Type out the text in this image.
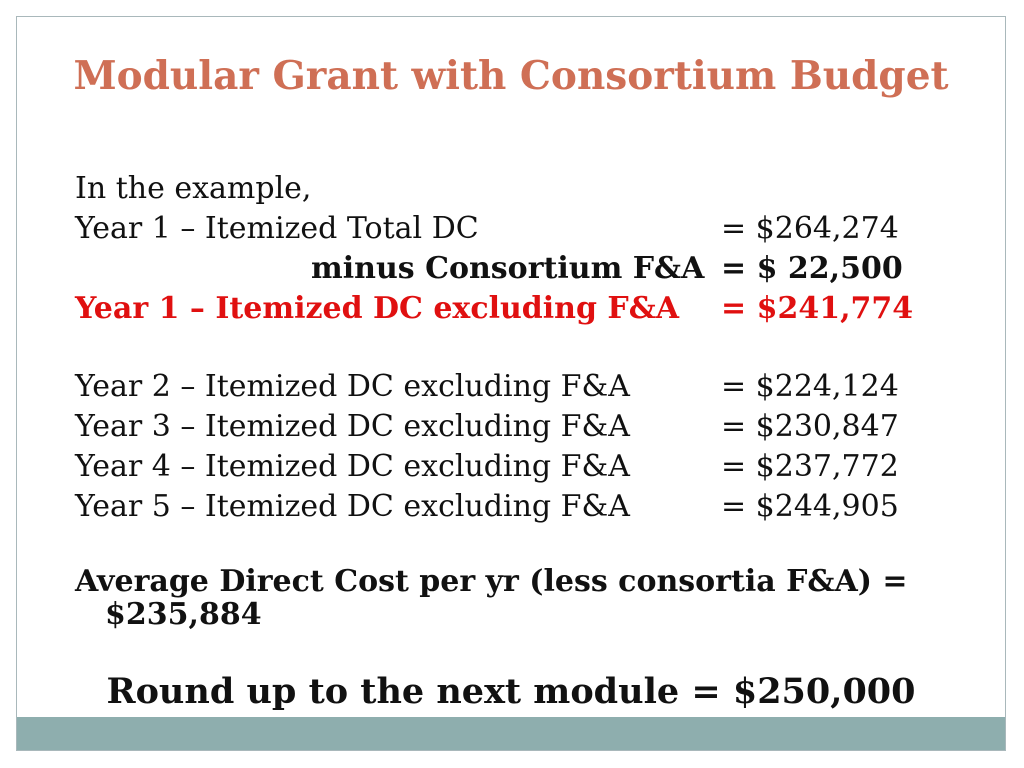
Modular Grant with Consortium Budget
In the example,
Year 1 – Itemized Total DC	= $264,274
minus Consortium F&A = $ 22,500
Year 1 – Itemized DC excluding F&A = $241,774
Year 2 – Itemized DC excluding F&A	= $224,124
Year 3 – Itemized DC excluding F&A	= $230,847
Year 4 – Itemized DC excluding F&A	= $237,772
Year 5 – Itemized DC excluding F&A	= $244,905
Average Direct Cost per yr (less consortia F&A) =
$235,884
Round up to the next module = $250,000
